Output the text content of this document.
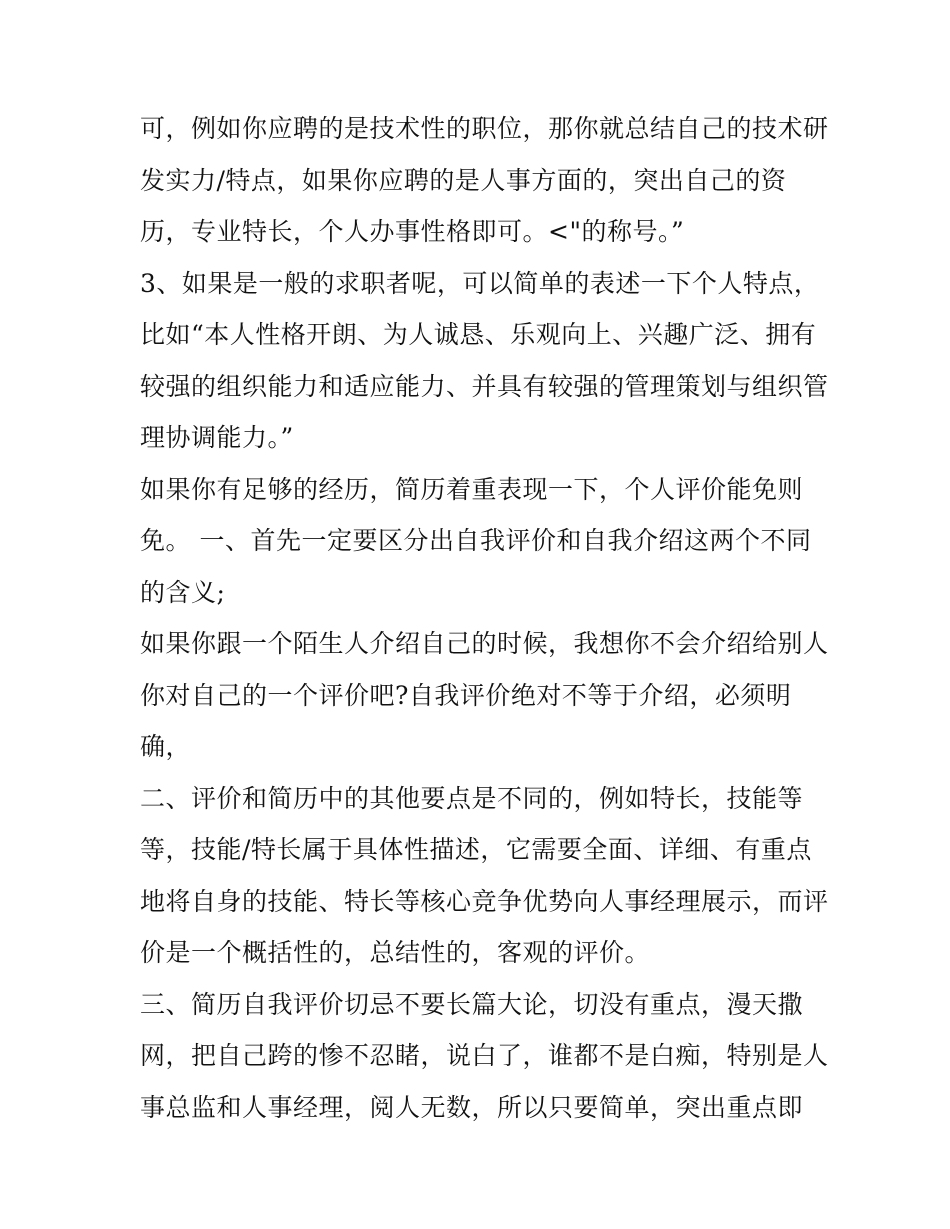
可，例如你应聘的是技术性的职位，那你就总结自己的技术研
发实力/特点，如果你应聘的是人事方面的，突出自己的资
历，专业特长，个人办事性格即可。<"的称号。”
3、如果是一般的求职者呢，可以简单的表述一下个人特点，
比如“本人性格开朗、为人诚恳、乐观向上、兴趣广泛、拥有
较强的组织能力和适应能力、并具有较强的管理策划与组织管
理协调能力。”
如果你有足够的经历，简历着重表现一下，个人评价能免则
免。 一、首先一定要区分出自我评价和自我介绍这两个不同
的含义;
如果你跟一个陌生人介绍自己的时候，我想你不会介绍给别人
你对自己的一个评价吧?自我评价绝对不等于介绍，必须明
确，
二、评价和简历中的其他要点是不同的，例如特长，技能等
等，技能/特长属于具体性描述，它需要全面、详细、有重点
地将自身的技能、特长等核心竞争优势向人事经理展示，而评
价是一个概括性的，总结性的，客观的评价。
三、简历自我评价切忌不要长篇大论，切没有重点，漫天撒
网，把自己跨的惨不忍睹，说白了，谁都不是白痴，特别是人
事总监和人事经理，阅人无数，所以只要简单，突出重点即
